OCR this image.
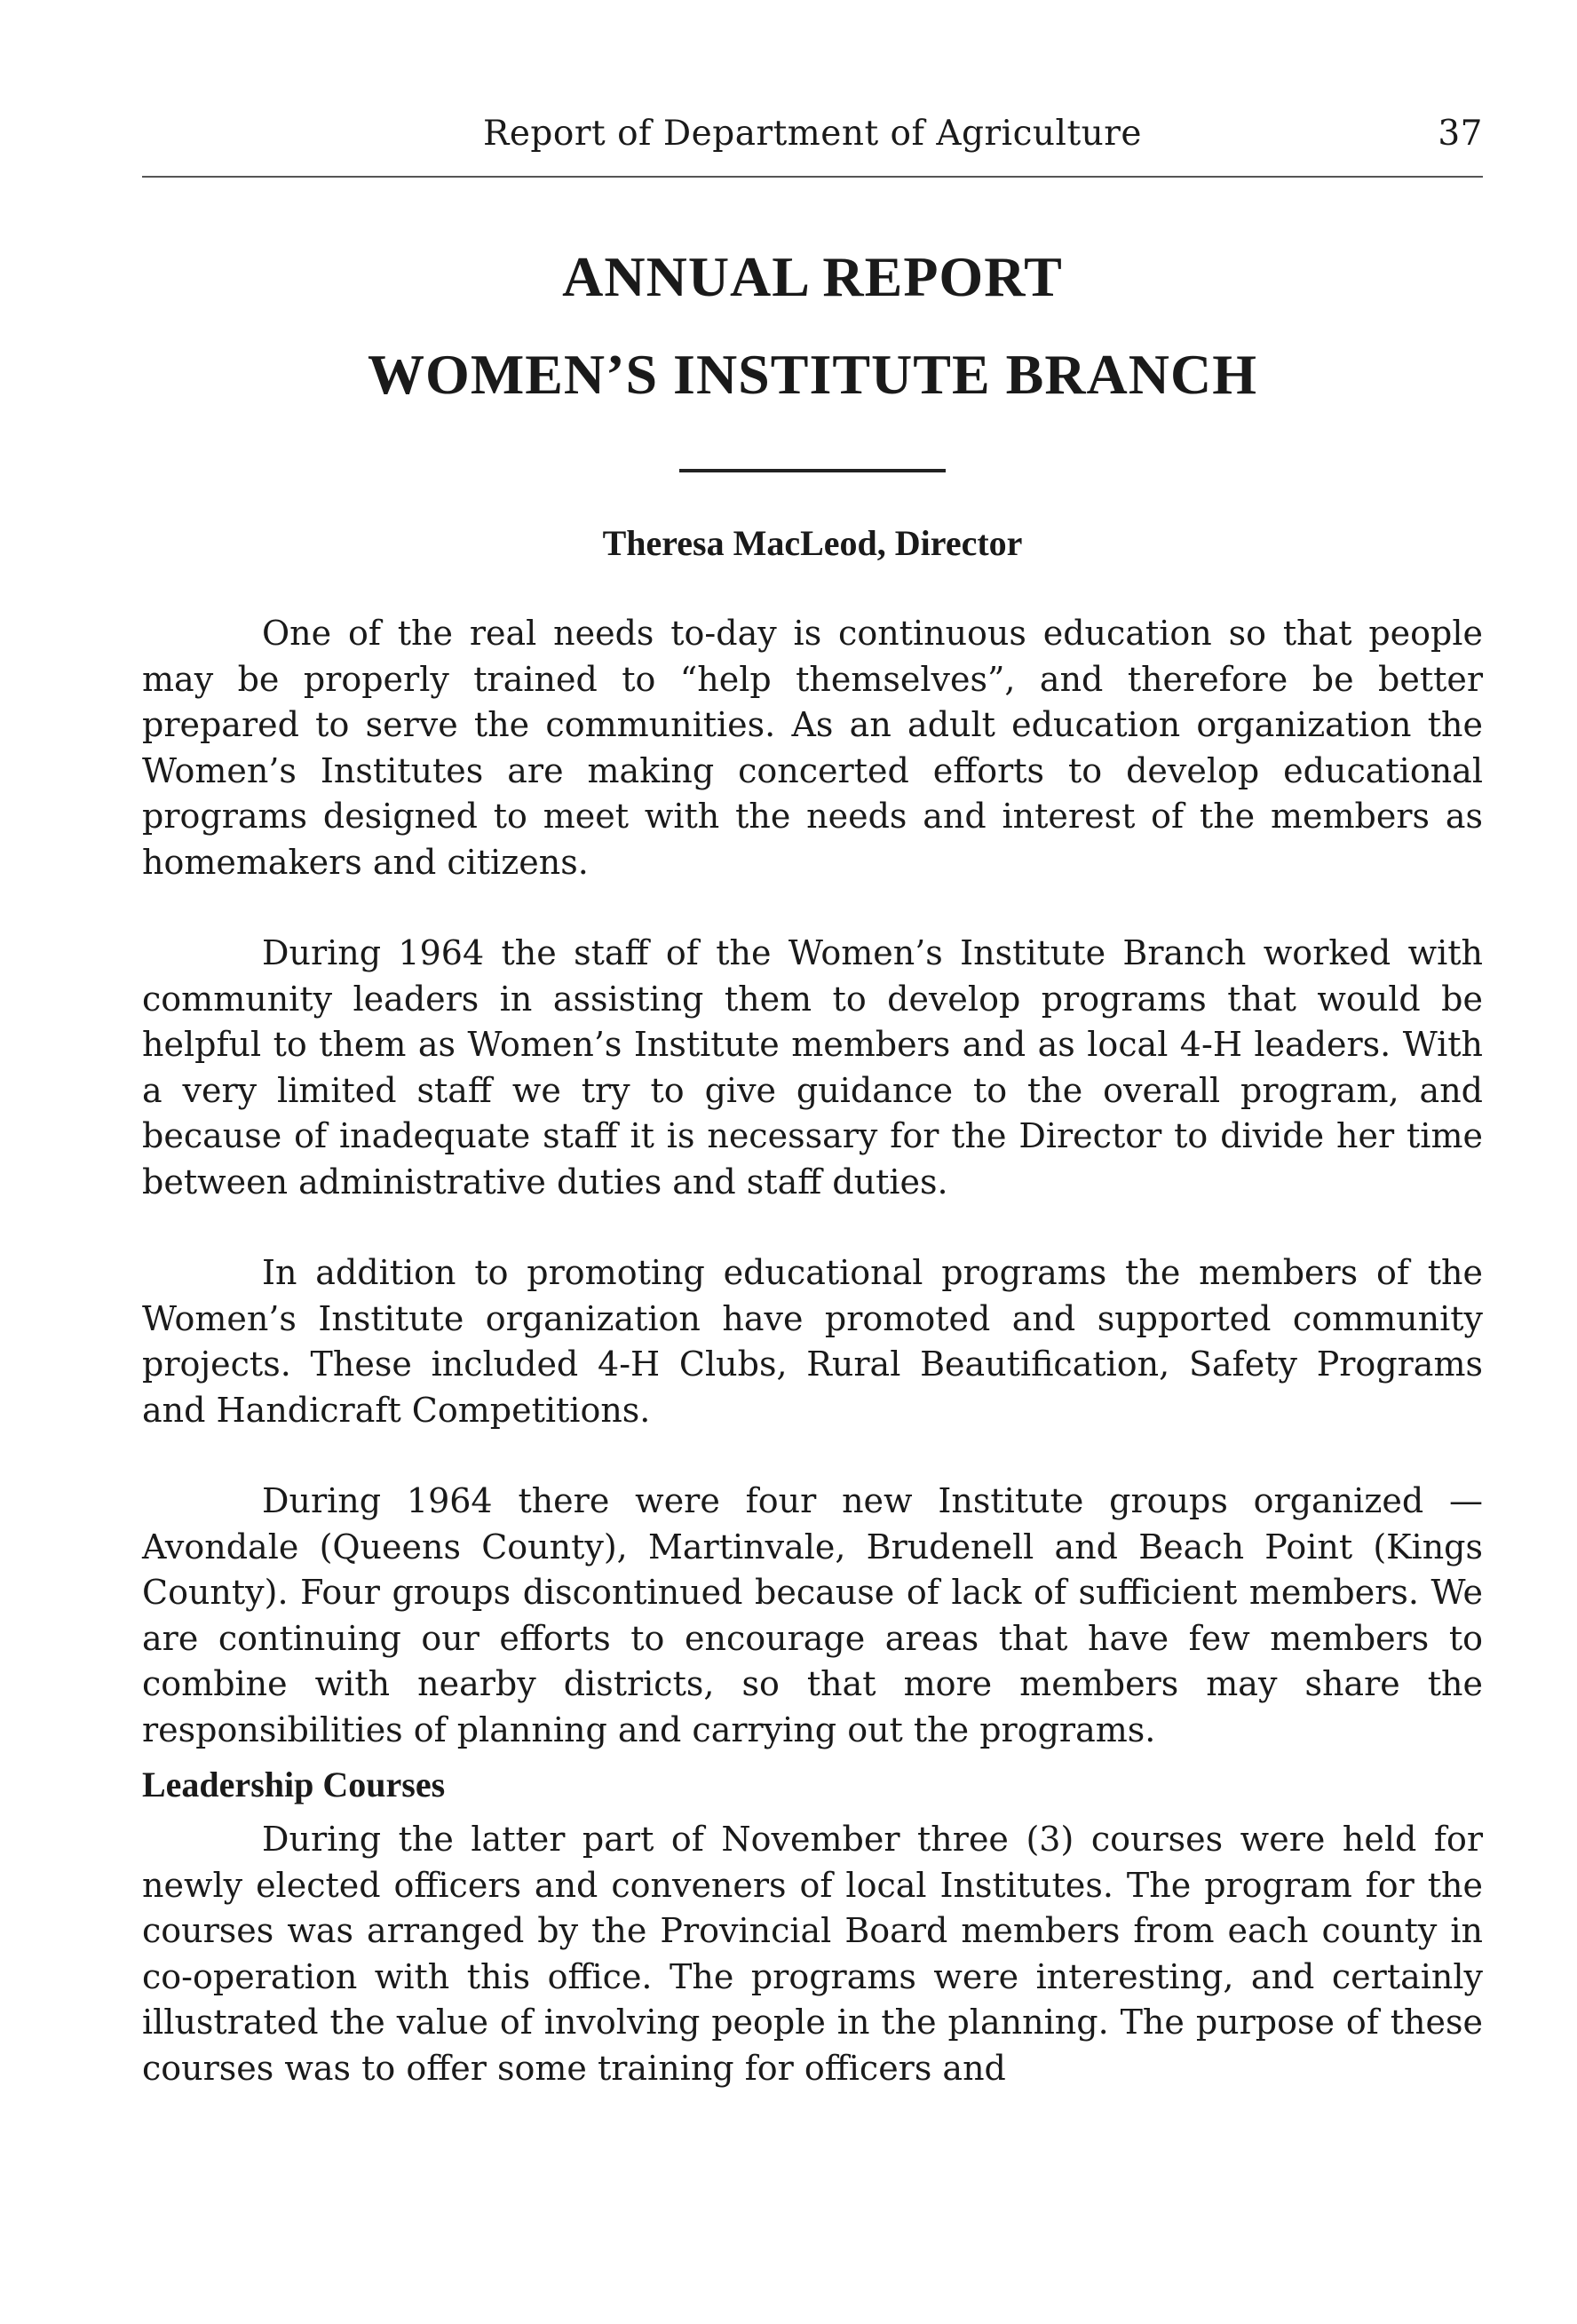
Report of Department of Agriculture	37
ANNUAL REPORT
WOMEN’S INSTITUTE BRANCH
Theresa MacLeod, Director

One of the real needs to-day is continuous education so that people may be properly trained to “help themselves”, and therefore be better prepared to serve the communities. As an adult education organization the Women’s Institutes are making concerted efforts to develop educational programs designed to meet with the needs and interest of the members as homemakers and citizens.

During 1964 the staff of the Women’s Institute Branch worked with community leaders in assisting them to develop programs that would be helpful to them as Women’s Institute members and as local 4-H leaders. With a very limited staff we try to give guidance to the overall program, and because of inadequate staff it is necessary for the Director to divide her time between administrative duties and staff duties.

In addition to promoting educational programs the members of the Women’s Institute organization have promoted and supported community projects. These included 4-H Clubs, Rural Beautification, Safety Programs and Handicraft Competitions.

During 1964 there were four new Institute groups organized — Avondale (Queens County), Martinvale, Brudenell and Beach Point (Kings County). Four groups discontinued because of lack of sufficient members. We are continuing our efforts to encourage areas that have few members to combine with nearby districts, so that more members may share the responsibilities of planning and carrying out the programs.

Leadership Courses

During the latter part of November three (3) courses were held for newly elected officers and conveners of local Institutes. The program for the courses was arranged by the Provincial Board members from each county in co-operation with this office. The programs were interesting, and certainly illustrated the value of involving people in the planning. The purpose of these courses was to offer some training for officers and
